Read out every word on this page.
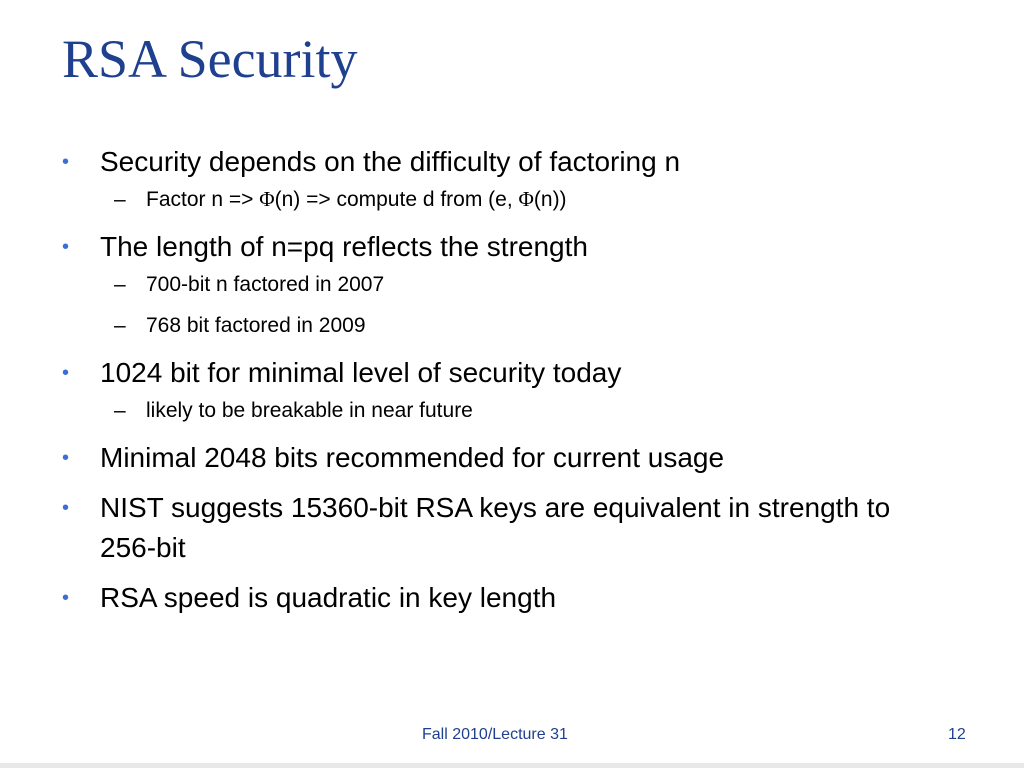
RSA Security
• Security depends on the difficulty of factoring n
– Factor n => Φ(n) => compute d from (e, Φ(n))
• The length of n=pq reflects the strength
– 700-bit n factored in 2007
– 768 bit factored in 2009
• 1024 bit for minimal level of security today
– likely to be breakable in near future
• Minimal 2048 bits recommended for current usage
• NIST suggests 15360-bit RSA keys are equivalent in strength to 256-bit
• RSA speed is quadratic in key length
Fall 2010/Lecture 31	12
